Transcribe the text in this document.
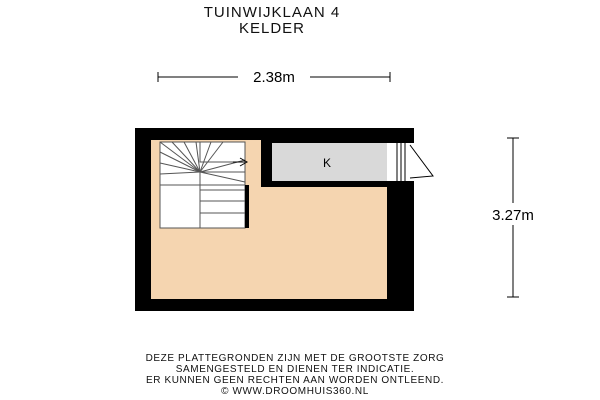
TUINWIJKLAAN 4
KELDER
2.38m
3.27m
K
DEZE PLATTEGRONDEN ZIJN MET DE GROOTSTE ZORG
SAMENGESTELD EN DIENEN TER INDICATIE.
ER KUNNEN GEEN RECHTEN AAN WORDEN ONTLEEND.
© WWW.DROOMHUIS360.NL
